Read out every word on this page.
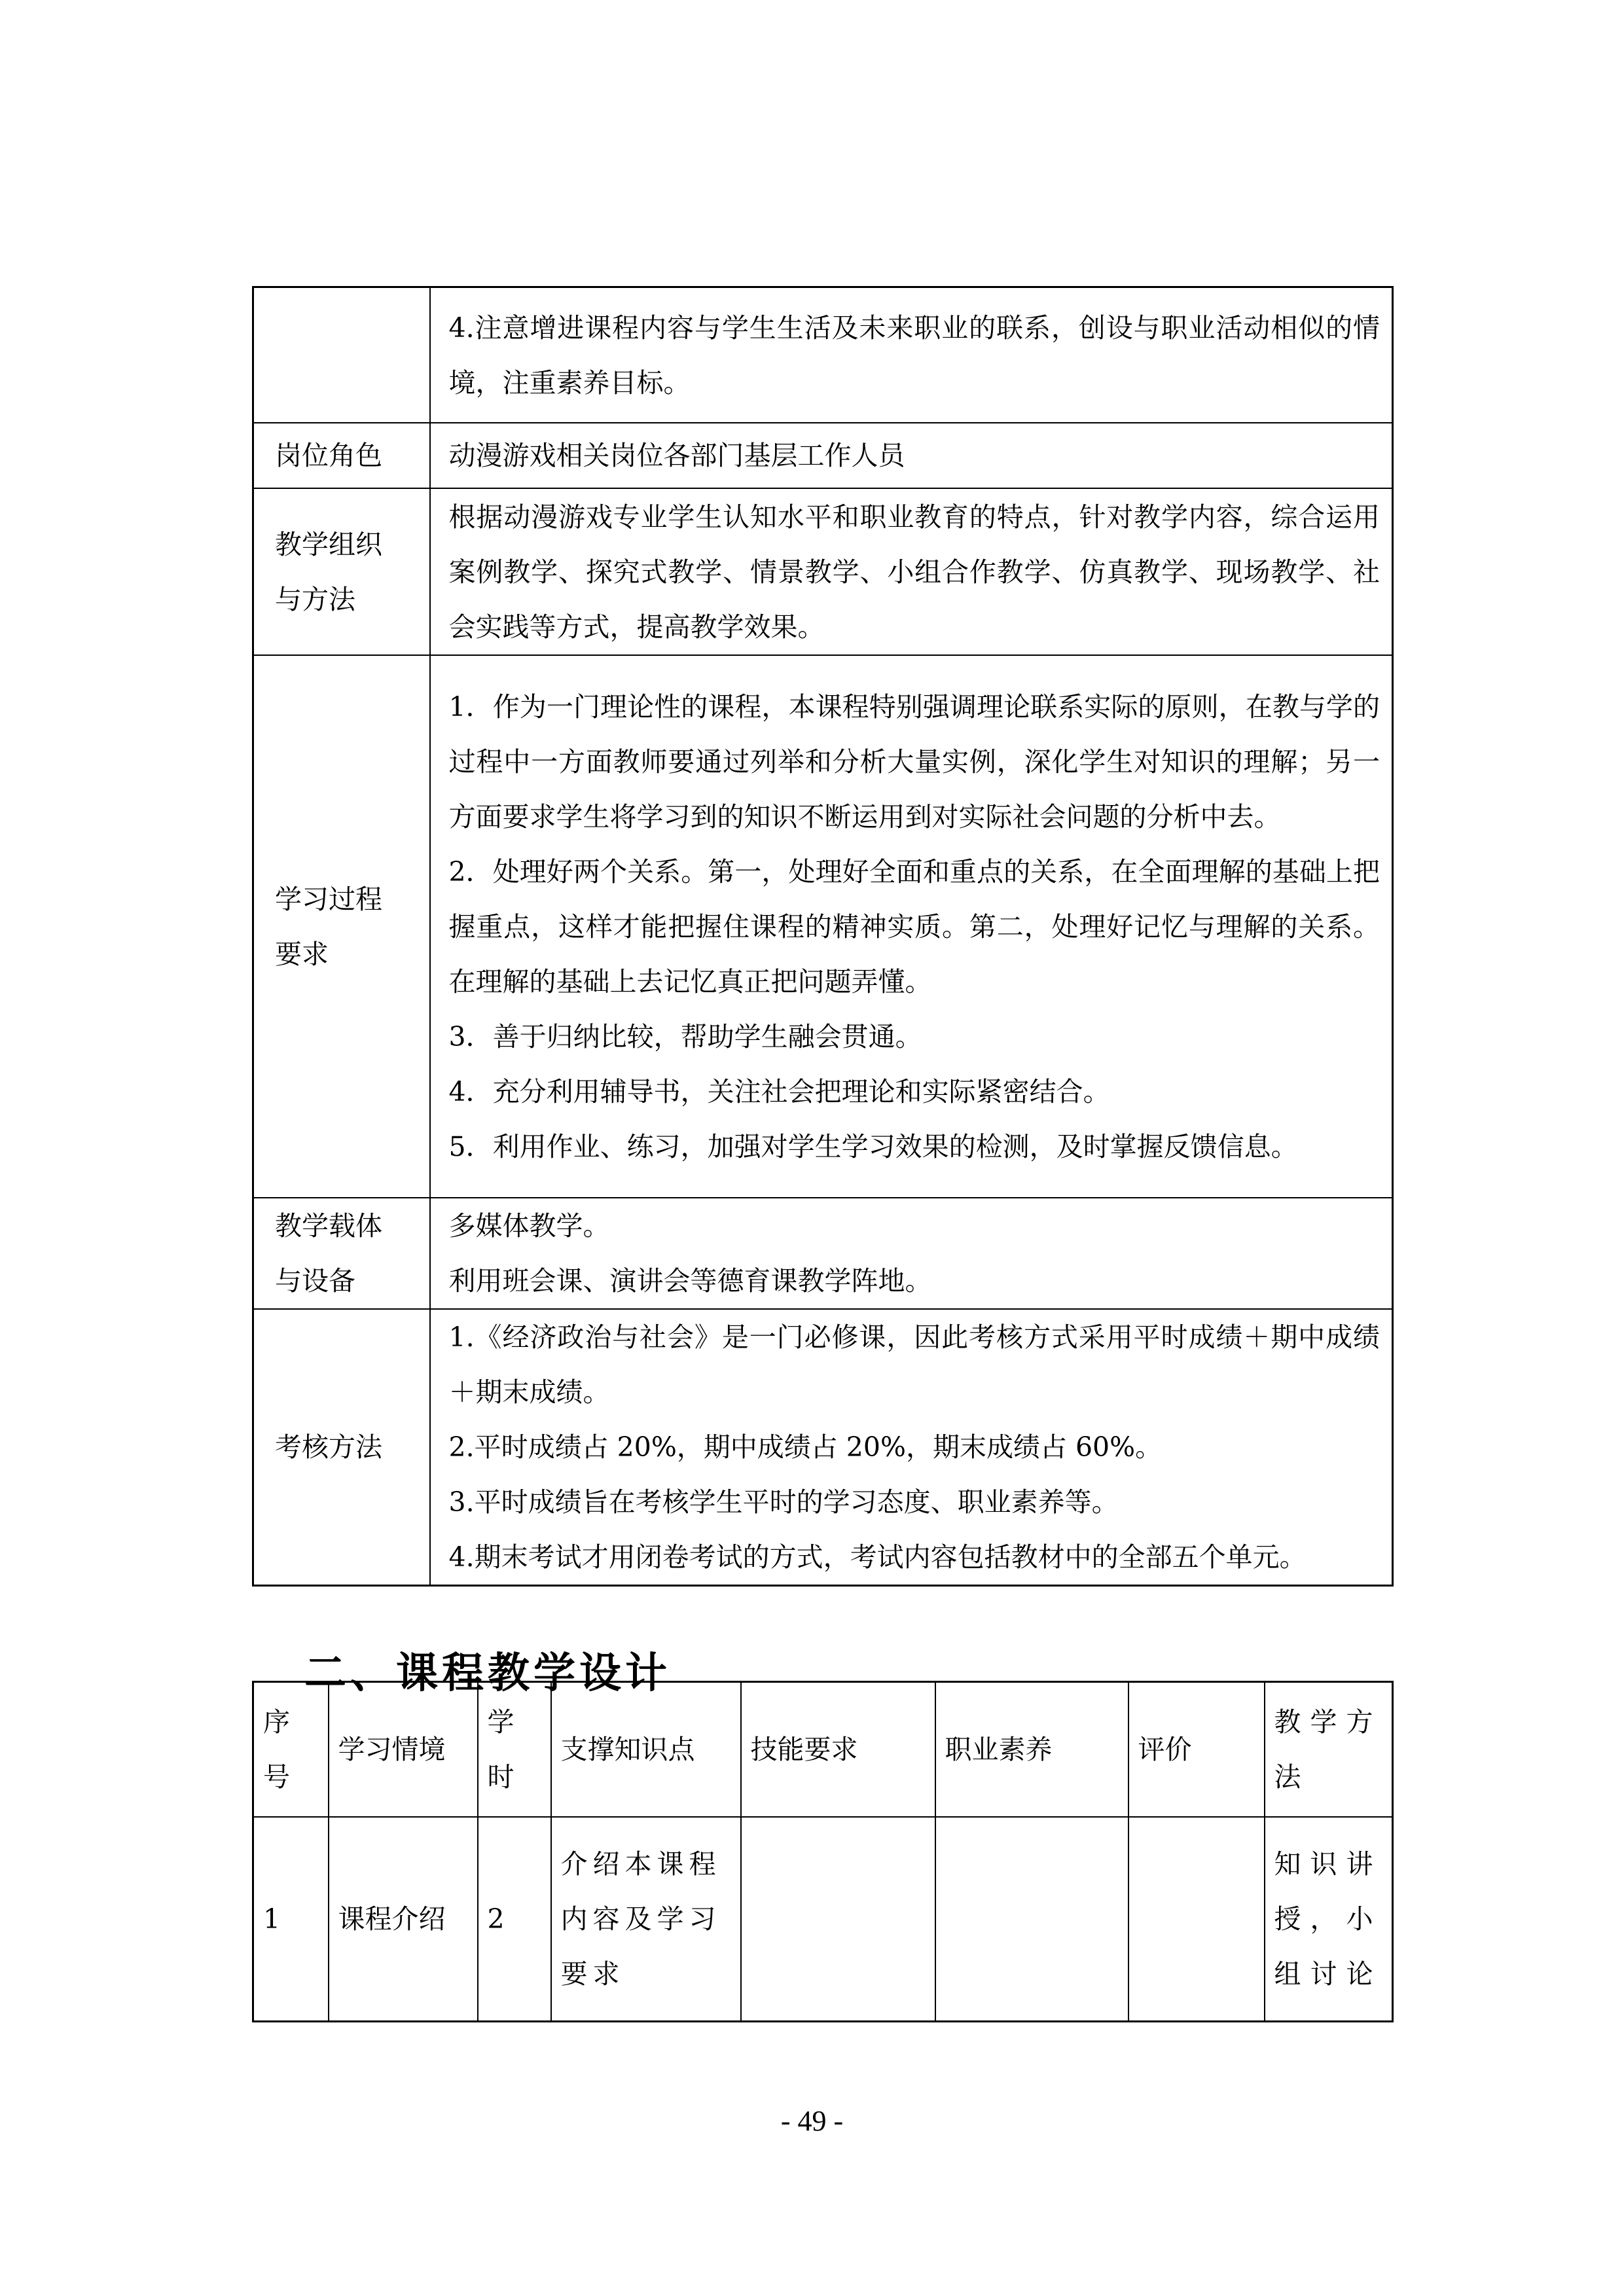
	4.注意增进课程内容与学生生活及未来职业的联系，创设与职业活动相似的情境，注重素养目标。

岗位角色	动漫游戏相关岗位各部门基层工作人员

教学组织与方法	根据动漫游戏专业学生认知水平和职业教育的特点，针对教学内容，综合运用案例教学、探究式教学、情景教学、小组合作教学、仿真教学、现场教学、社会实践等方式，提高教学效果。

学习过程要求	1．作为一门理论性的课程，本课程特别强调理论联系实际的原则，在教与学的过程中一方面教师要通过列举和分析大量实例，深化学生对知识的理解；另一方面要求学生将学习到的知识不断运用到对实际社会问题的分析中去。

2．处理好两个关系。第一，处理好全面和重点的关系，在全面理解的基础上把握重点，这样才能把握住课程的精神实质。第二，处理好记忆与理解的关系。在理解的基础上去记忆真正把问题弄懂。

3．善于归纳比较，帮助学生融会贯通。

4．充分利用辅导书，关注社会把理论和实际紧密结合。

5．利用作业、练习，加强对学生学习效果的检测，及时掌握反馈信息。

教学载体与设备	多媒体教学。

利用班会课、演讲会等德育课教学阵地。

考核方法	1.《经济政治与社会》是一门必修课，因此考核方式采用平时成绩＋期中成绩＋期末成绩。

2.平时成绩占 20%，期中成绩占 20%，期末成绩占 60%。

3.平时成绩旨在考核学生平时的学习态度、职业素养等。

4.期末考试才用闭卷考试的方式，考试内容包括教材中的全部五个单元。

二、课程教学设计
序号	学习情境	学时	支撑知识点	技能要求	职业素养	评价	教学方法
1	课程介绍	2	介绍本课程内容及学习要求				知识讲授，小组讨论
- 49 -
